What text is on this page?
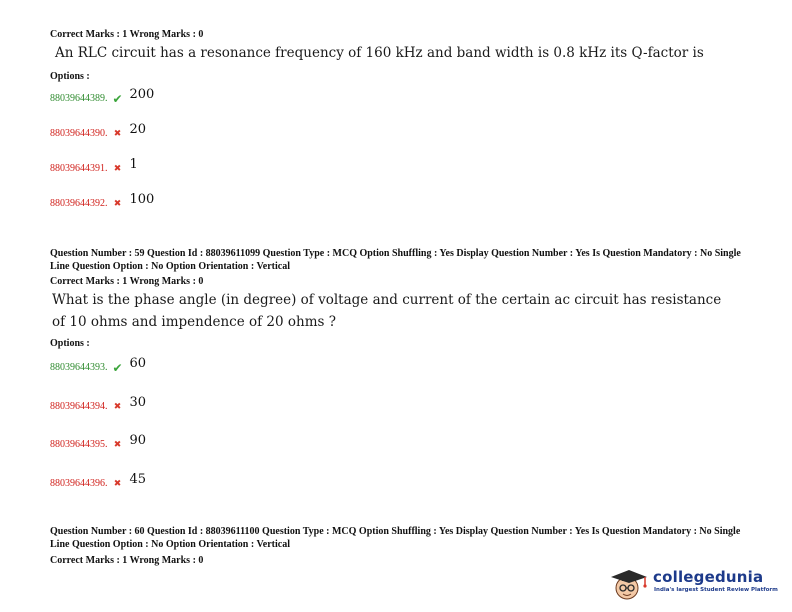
Correct Marks : 1 Wrong Marks : 0
An RLC circuit has a resonance frequency of 160 kHz and band width is 0.8 kHz its Q-factor is
Options :
88039644389. ✔ 200
88039644390. ✖ 20
88039644391. ✖ 1
88039644392. ✖ 100
Question Number : 59 Question Id : 88039611099 Question Type : MCQ Option Shuffling : Yes Display Question Number : Yes Is Question Mandatory : No Single Line Question Option : No Option Orientation : Vertical
Correct Marks : 1 Wrong Marks : 0
What is the phase angle (in degree) of voltage and current of the certain ac circuit has resistance
of 10 ohms and impendence of 20 ohms ?
Options :
88039644393. ✔ 60
88039644394. ✖ 30
88039644395. ✖ 90
88039644396. ✖ 45
Question Number : 60 Question Id : 88039611100 Question Type : MCQ Option Shuffling : Yes Display Question Number : Yes Is Question Mandatory : No Single Line Question Option : No Option Orientation : Vertical
Correct Marks : 1 Wrong Marks : 0
collegedunia
India's largest Student Review Platform
